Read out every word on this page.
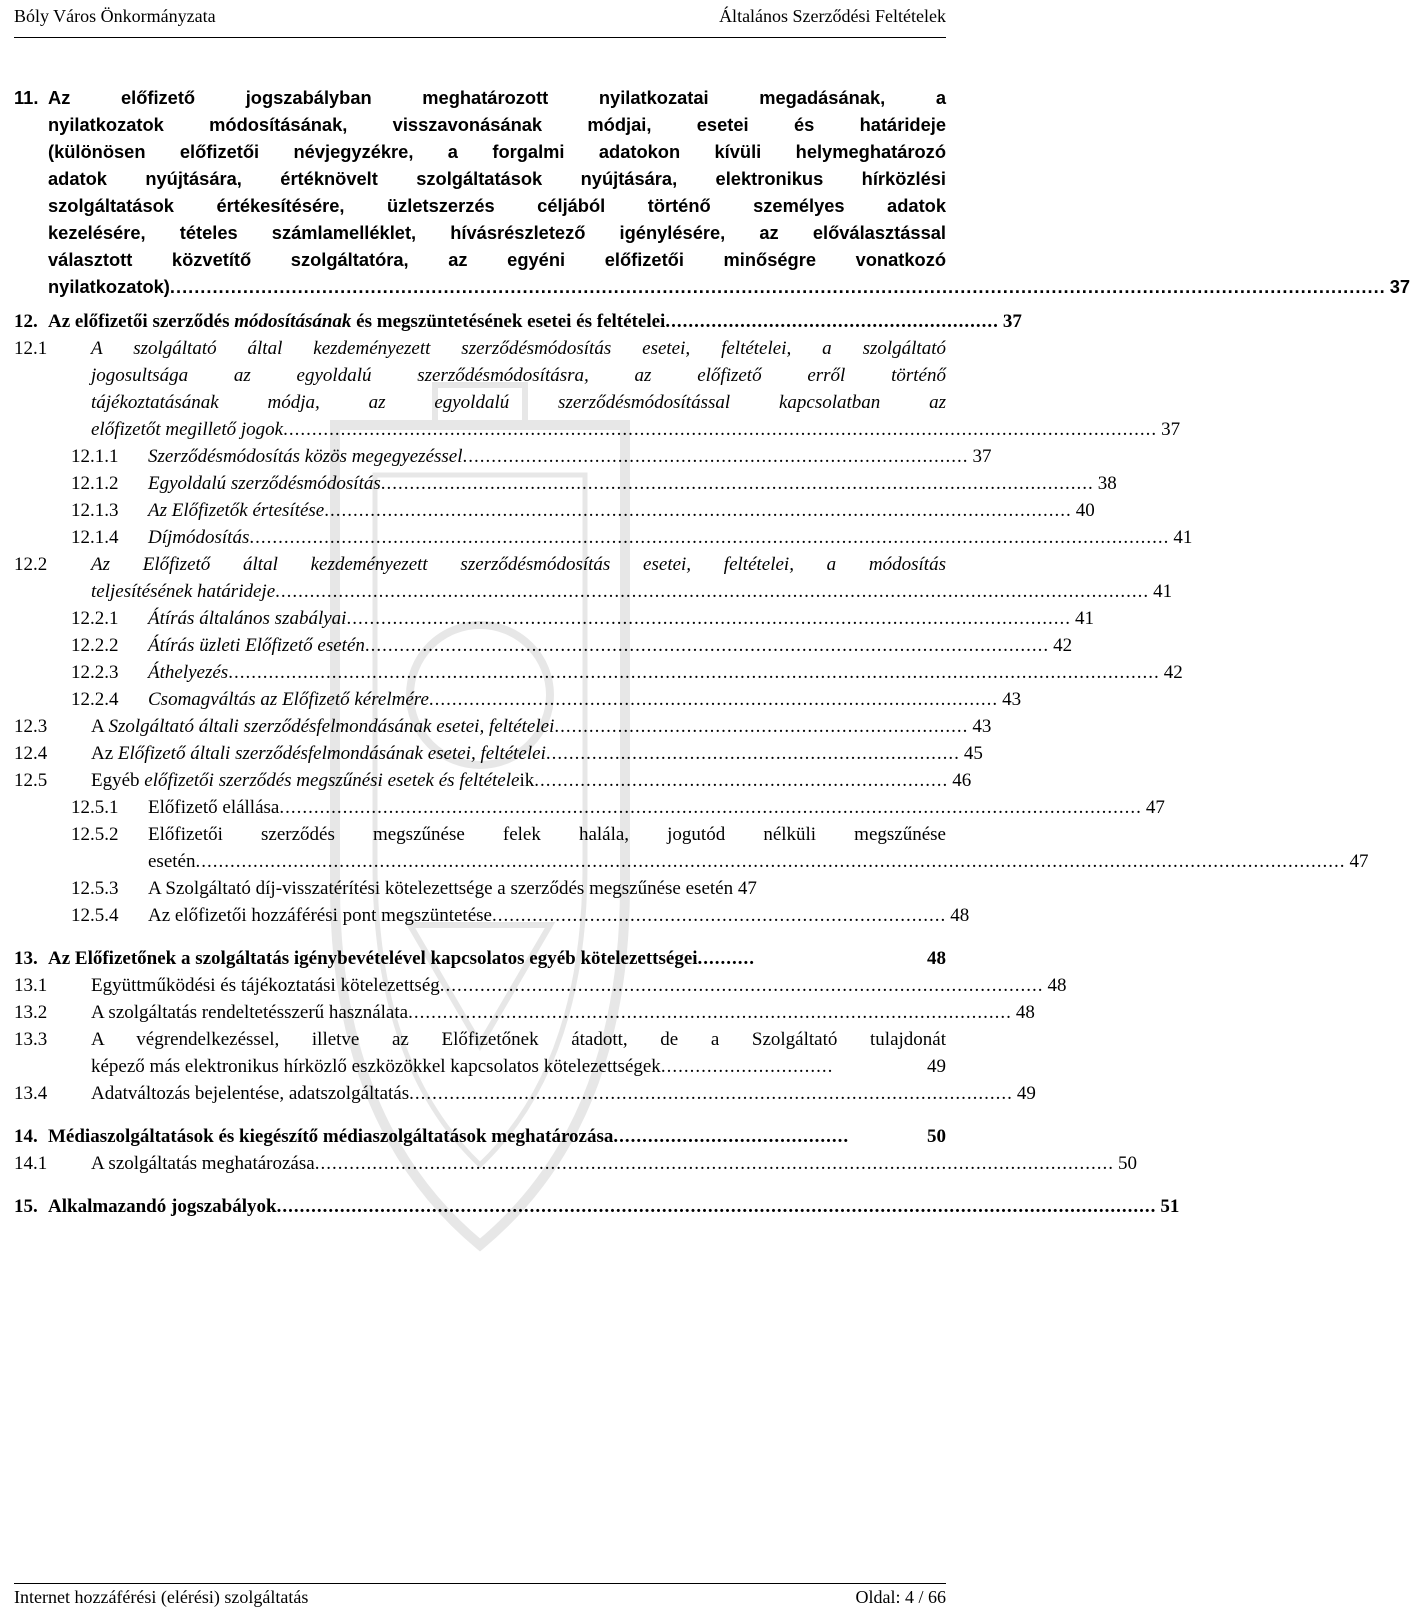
Bóly Város Önkormányzata	Általános Szerződési Feltételek
11. Az előfizető jogszabályban meghatározott nyilatkozatai megadásának, a
nyilatkozatok módosításának, visszavonásának módjai, esetei és határideje
(különösen előfizetői névjegyzékre, a forgalmi adatokon kívüli helymeghatározó
adatok nyújtására, értéknövelt szolgáltatások nyújtására, elektronikus hírközlési
szolgáltatások értékesítésére, üzletszerzés céljából történő személyes adatok
kezelésére, tételes számlamelléklet, hívásrészletező igénylésére, az előválasztással
választott közvetítő szolgáltatóra, az egyéni előfizetői minőségre vonatkozó
nyilatkozatok) ........................................................................................................................................................................................................ 37
12. Az előfizetői szerződés módosításának és megszüntetésének esetei és feltételei .......................................................... 37
12.1 A szolgáltató által kezdeményezett szerződésmódosítás esetei, feltételei, a szolgáltató
jogosultsága az egyoldalú szerződésmódosításra, az előfizető erről történő
tájékoztatásának módja, az egyoldalú szerződésmódosítással kapcsolatban az
előfizetőt megillető jogok ........................................................................................................................................................ 37
12.1.1 Szerződésmódosítás közös megegyezéssel ........................................................................................ 37
12.1.2 Egyoldalú szerződésmódosítás ............................................................................................................................ 38
12.1.3 Az Előfizetők értesítése .................................................................................................................................. 40
12.1.4 Díjmódosítás ................................................................................................................................................................ 41
12.2 Az Előfizető által kezdeményezett szerződésmódosítás esetei, feltételei, a módosítás
teljesítésének határideje ........................................................................................................................................................ 41
12.2.1 Átírás általános szabályai .............................................................................................................................. 41
12.2.2 Átírás üzleti Előfizető esetén ....................................................................................................................... 42
12.2.3 Áthelyezés .................................................................................................................................................................. 42
12.2.4 Csomagváltás az Előfizető kérelmére ................................................................................................... 43
12.3 A Szolgáltató általi szerződésfelmondásának esetei, feltételei ........................................................................ 43
12.4 Az Előfizető általi szerződésfelmondásának esetei, feltételei ........................................................................ 45
12.5 Egyéb előfizetői szerződés megszűnési esetek és feltételeik ........................................................................ 46
12.5.1 Előfizető elállása ...................................................................................................................................................... 47
12.5.2 Előfizetői szerződés megszűnése felek halála, jogutód nélküli megszűnése
esetén ........................................................................................................................................................................................................ 47
12.5.3 A Szolgáltató díj-visszatérítési kötelezettsége a szerződés megszűnése esetén 47
12.5.4 Az előfizetői hozzáférési pont megszüntetése ............................................................................... 48
13. Az Előfizetőnek a szolgáltatás igénybevételével kapcsolatos egyéb kötelezettségei ..........	48
13.1 Együttműködési és tájékoztatási kötelezettség ......................................................................................................... 48
13.2 A szolgáltatás rendeltetésszerű használata ......................................................................................................... 48
13.3 A végrendelkezéssel, illetve az Előfizetőnek átadott, de a Szolgáltató tulajdonát
képező más elektronikus hírközlő eszközökkel kapcsolatos kötelezettségek ..............................	49
13.4 Adatváltozás bejelentése, adatszolgáltatás ......................................................................................................... 49
14. Médiaszolgáltatások és kiegészítő médiaszolgáltatások meghatározása .........................................	50
14.1 A szolgáltatás meghatározása ........................................................................................................................................... 50
15. Alkalmazandó jogszabályok ......................................................................................................................................................... 51
Internet hozzáférési (elérési) szolgáltatás	Oldal: 4 / 66
